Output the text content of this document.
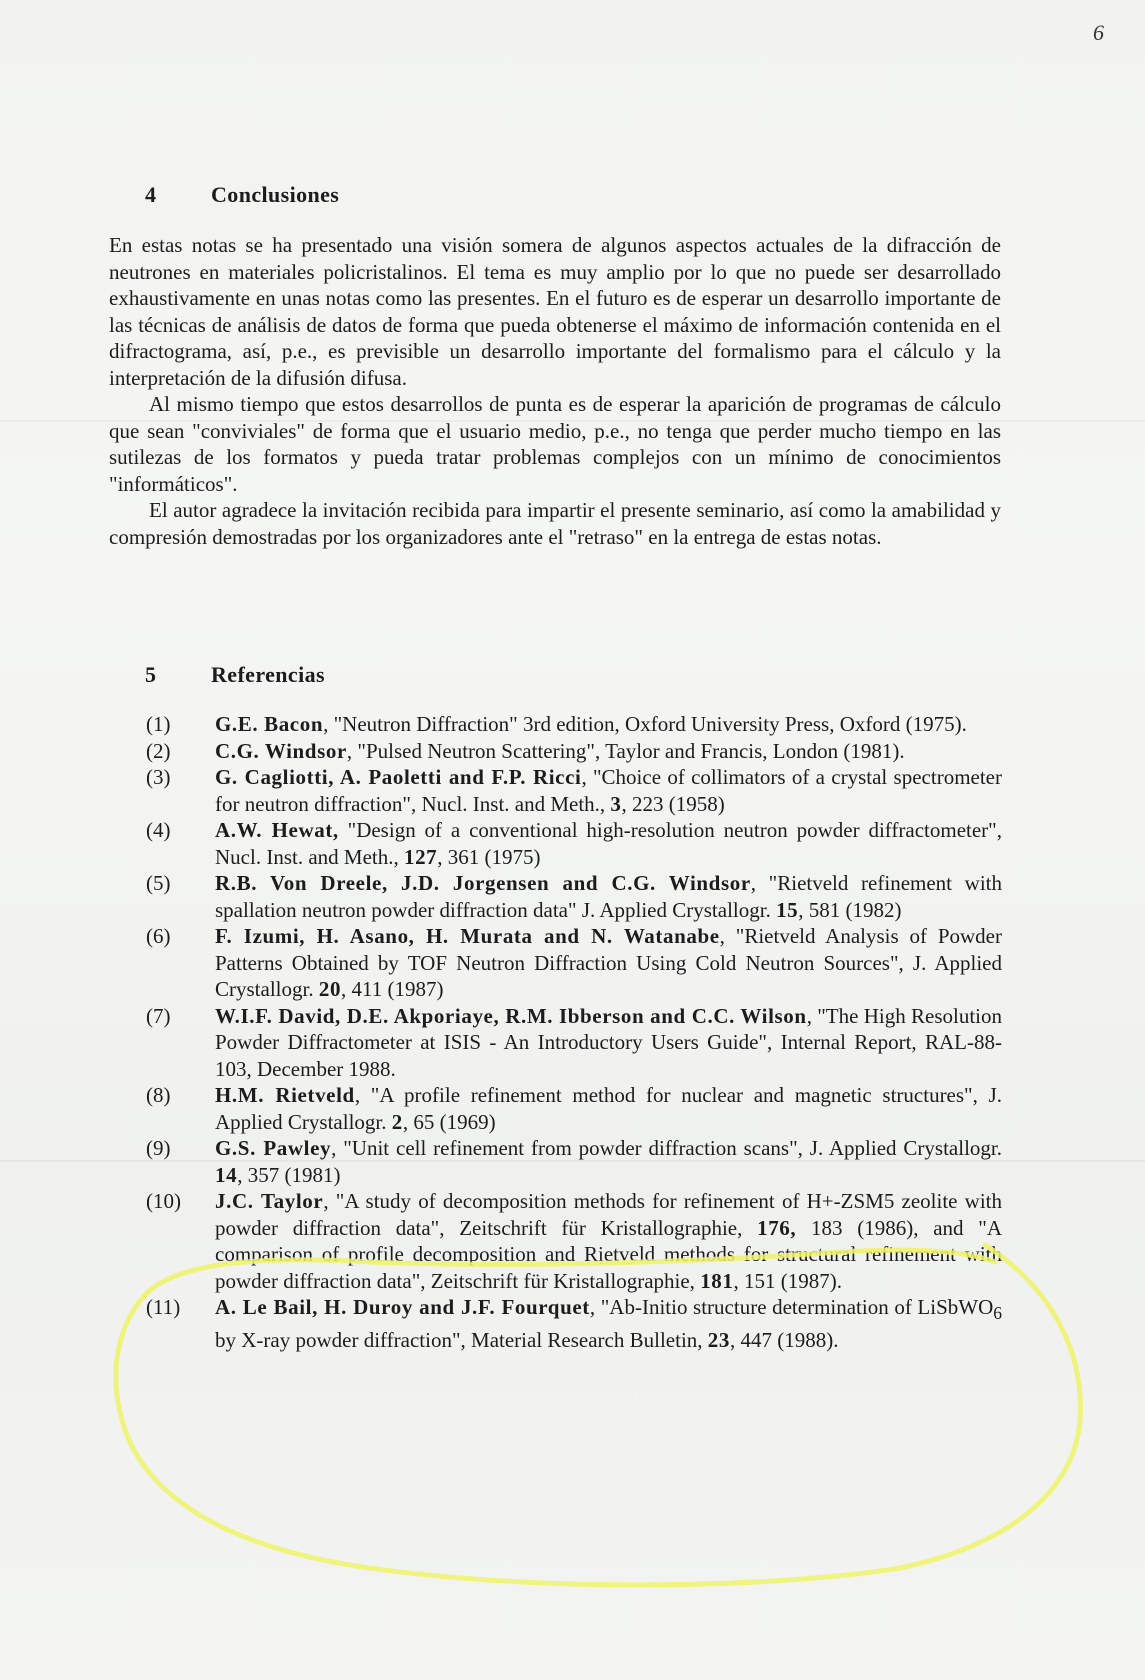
6
4 Conclusiones

En estas notas se ha presentado una visión somera de algunos aspectos actuales de la difracción de neutrones en materiales policristalinos. El tema es muy amplio por lo que no puede ser desarrollado exhaustivamente en unas notas como las presentes. En el futuro es de esperar un desarrollo importante de las técnicas de análisis de datos de forma que pueda obtenerse el máximo de información contenida en el difractograma, así, p.e., es previsible un desarrollo importante del formalismo para el cálculo y la interpretación de la difusión difusa.

Al mismo tiempo que estos desarrollos de punta es de esperar la aparición de programas de cálculo que sean "conviviales" de forma que el usuario medio, p.e., no tenga que perder mucho tiempo en las sutilezas de los formatos y pueda tratar problemas complejos con un mínimo de conocimientos "informáticos".

El autor agradece la invitación recibida para impartir el presente seminario, así como la amabilidad y compresión demostradas por los organizadores ante el "retraso" en la entrega de estas notas.

5 Referencias
(1) G.E. Bacon, "Neutron Diffraction" 3rd edition, Oxford University Press, Oxford (1975).
(2) C.G. Windsor, "Pulsed Neutron Scattering", Taylor and Francis, London (1981).
(3) G. Cagliotti, A. Paoletti and F.P. Ricci, "Choice of collimators of a crystal spectrometer for neutron diffraction", Nucl. Inst. and Meth., 3, 223 (1958)
(4) A.W. Hewat, "Design of a conventional high-resolution neutron powder diffractometer", Nucl. Inst. and Meth., 127, 361 (1975)
(5) R.B. Von Dreele, J.D. Jorgensen and C.G. Windsor, "Rietveld refinement with spallation neutron powder diffraction data" J. Applied Crystallogr. 15, 581 (1982)
(6) F. Izumi, H. Asano, H. Murata and N. Watanabe, "Rietveld Analysis of Powder Patterns Obtained by TOF Neutron Diffraction Using Cold Neutron Sources", J. Applied Crystallogr. 20, 411 (1987)
(7) W.I.F. David, D.E. Akporiaye, R.M. Ibberson and C.C. Wilson, "The High Resolution Powder Diffractometer at ISIS - An Introductory Users Guide", Internal Report, RAL-88-103, December 1988.
(8) H.M. Rietveld, "A profile refinement method for nuclear and magnetic structures", J. Applied Crystallogr. 2, 65 (1969)
(9) G.S. Pawley, "Unit cell refinement from powder diffraction scans", J. Applied Crystallogr. 14, 357 (1981)
(10) J.C. Taylor, "A study of decomposition methods for refinement of H+-ZSM5 zeolite with powder diffraction data", Zeitschrift für Kristallographie, 176, 183 (1986), and "A comparison of profile decomposition and Rietveld methods for structural refinement with powder diffraction data", Zeitschrift für Kristallographie, 181, 151 (1987).
(11) A. Le Bail, H. Duroy and J.F. Fourquet, "Ab-Initio structure determination of LiSbWO$_6$ by X-ray powder diffraction", Material Research Bulletin, 23, 447 (1988).
